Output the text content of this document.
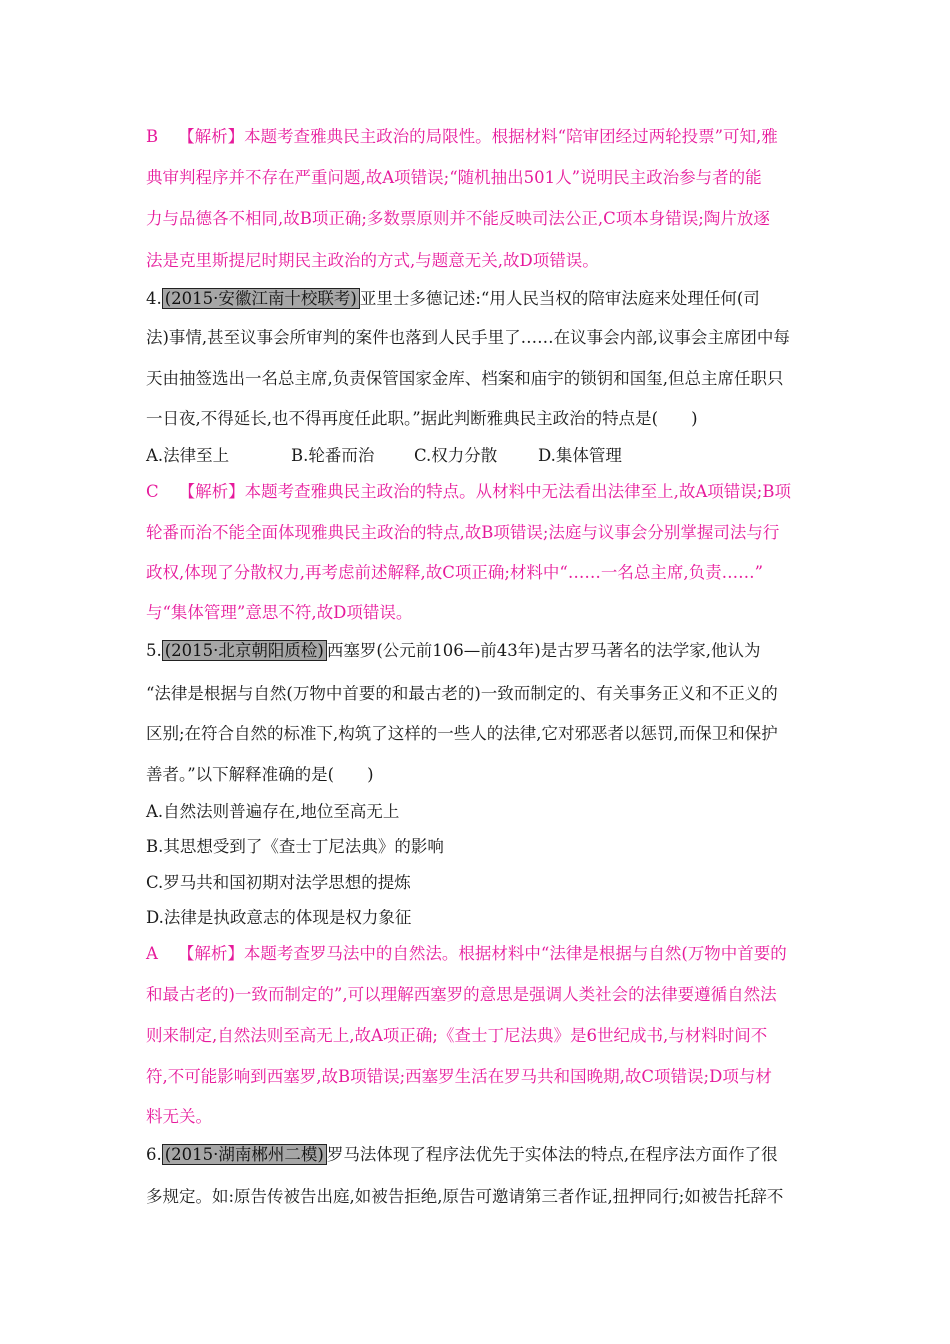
B 【解析】本题考查雅典民主政治的局限性。根据材料“陪审团经过两轮投票”可知,雅
典审判程序并不存在严重问题,故A项错误;“随机抽出501人”说明民主政治参与者的能
力与品德各不相同,故B项正确;多数票原则并不能反映司法公正,C项本身错误;陶片放逐
法是克里斯提尼时期民主政治的方式,与题意无关,故D项错误。
4. (2015·安徽江南十校联考) 亚里士多德记述:“用人民当权的陪审法庭来处理任何(司
法)事情,甚至议事会所审判的案件也落到人民手里了……在议事会内部,议事会主席团中每
天由抽签选出一名总主席,负责保管国家金库、档案和庙宇的锁钥和国玺,但总主席任职只
一日夜,不得延长,也不得再度任此职。”据此判断雅典民主政治的特点是(　　)
A.法律至上	B.轮番而治 C.权力分散 D.集体管理
C 【解析】本题考查雅典民主政治的特点。从材料中无法看出法律至上,故A项错误;B项
轮番而治不能全面体现雅典民主政治的特点,故B项错误;法庭与议事会分别掌握司法与行
政权,体现了分散权力,再考虑前述解释,故C项正确;材料中“……一名总主席,负责……”
与“集体管理”意思不符,故D项错误。
5. (2015·北京朝阳质检) 西塞罗(公元前106—前43年)是古罗马著名的法学家,他认为
“法律是根据与自然(万物中首要的和最古老的)一致而制定的、有关事务正义和不正义的
区别;在符合自然的标准下,构筑了这样的一些人的法律,它对邪恶者以惩罚,而保卫和保护
善者。”以下解释准确的是(　　)
A.自然法则普遍存在,地位至高无上
B.其思想受到了《查士丁尼法典》的影响
C.罗马共和国初期对法学思想的提炼
D.法律是执政意志的体现是权力象征
A 【解析】本题考查罗马法中的自然法。根据材料中“法律是根据与自然(万物中首要的
和最古老的)一致而制定的”,可以理解西塞罗的意思是强调人类社会的法律要遵循自然法
则来制定,自然法则至高无上,故A项正确;《查士丁尼法典》是6世纪成书,与材料时间不
符,不可能影响到西塞罗,故B项错误;西塞罗生活在罗马共和国晚期,故C项错误;D项与材
料无关。
6. (2015·湖南郴州二模) 罗马法体现了程序法优先于实体法的特点,在程序法方面作了很
多规定。如:原告传被告出庭,如被告拒绝,原告可邀请第三者作证,扭押同行;如被告托辞不
